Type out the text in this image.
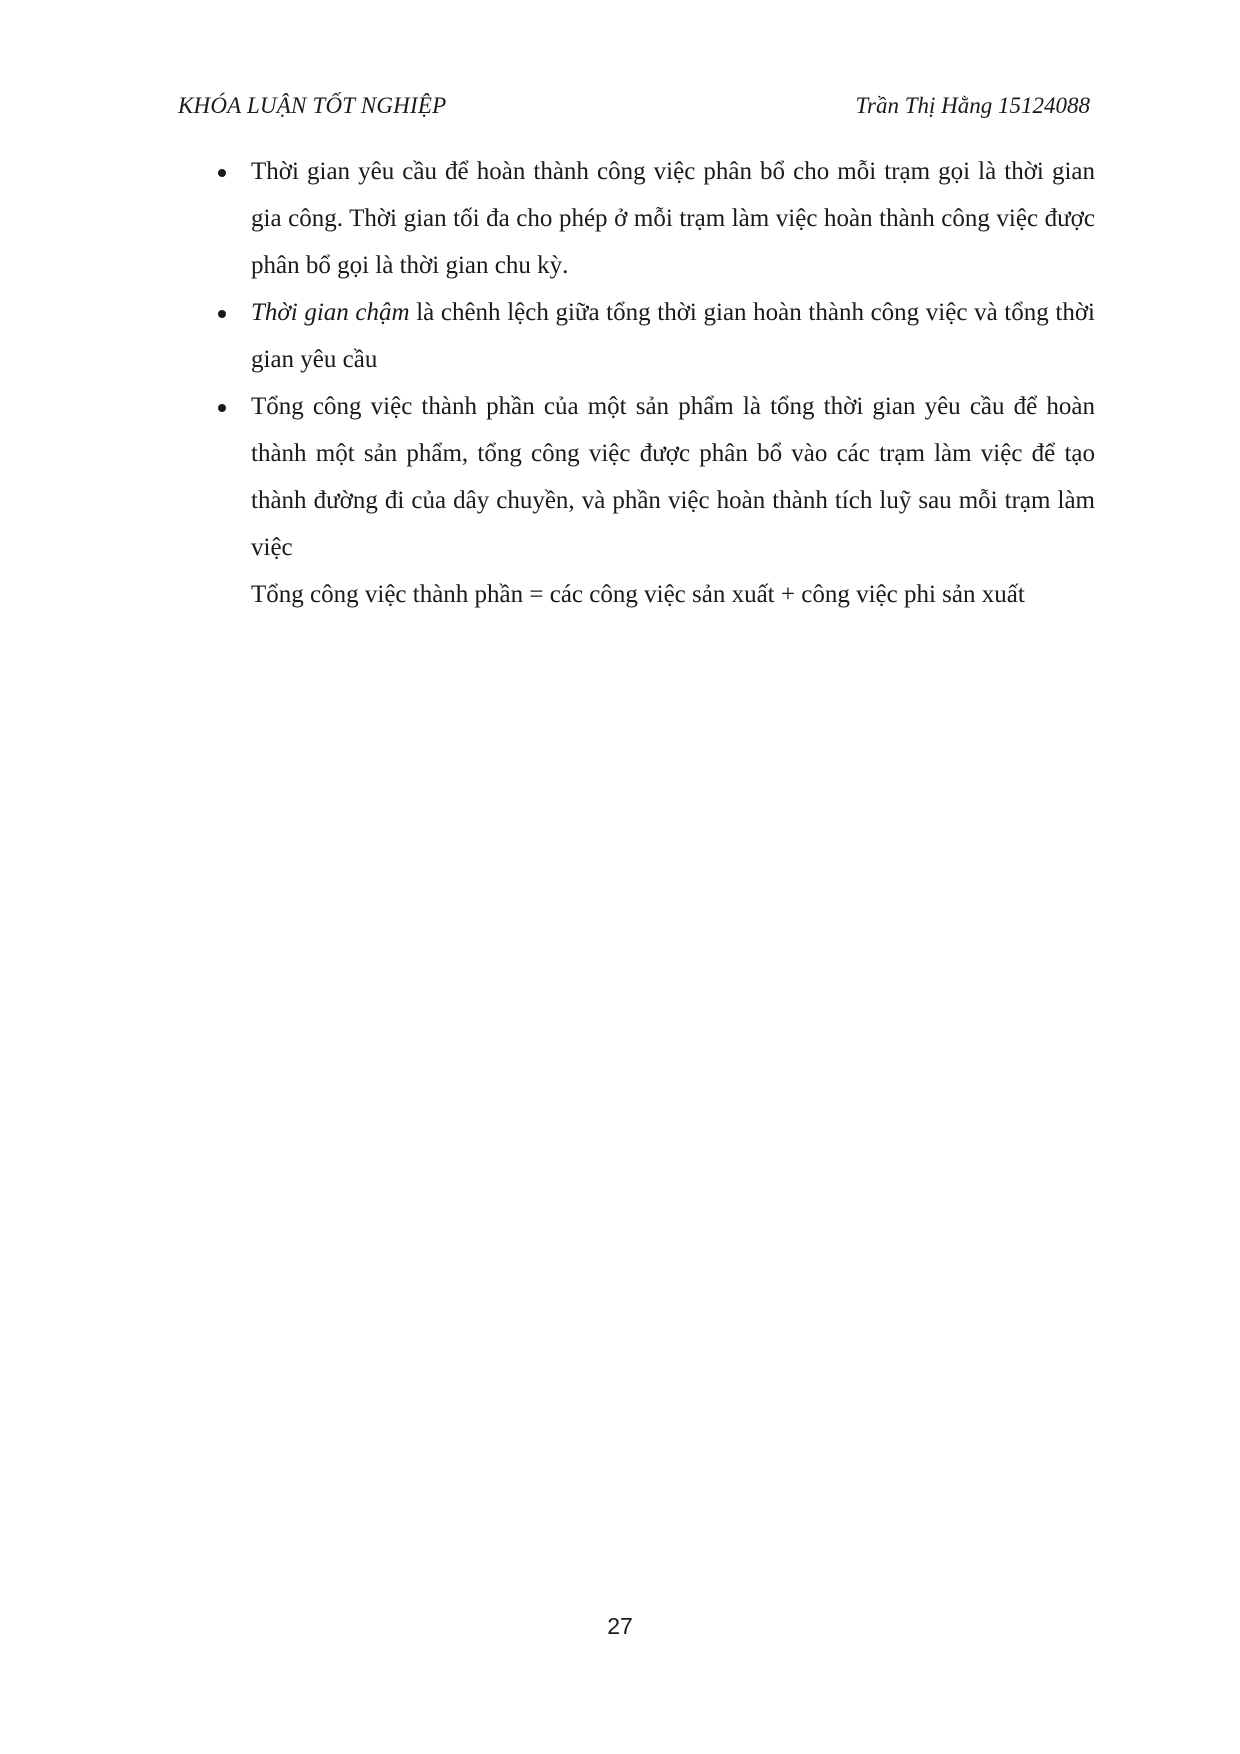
KHÓA LUẬN TỐT NGHIỆP	Trần Thị Hằng 15124088
Thời gian yêu cầu để hoàn thành công việc phân bổ cho mỗi trạm gọi là thời gian gia công. Thời gian tối đa cho phép ở mỗi trạm làm việc hoàn thành công việc được phân bổ gọi là thời gian chu kỳ.
Thời gian chậm là chênh lệch giữa tổng thời gian hoàn thành công việc và tổng thời gian yêu cầu
Tổng công việc thành phần của một sản phẩm là tổng thời gian yêu cầu để hoàn thành một sản phẩm, tổng công việc được phân bổ vào các trạm làm việc để tạo thành đường đi của dây chuyền, và phần việc hoàn thành tích luỹ sau mỗi trạm làm việc
Tổng công việc thành phần = các công việc sản xuất + công việc phi sản xuất
27
